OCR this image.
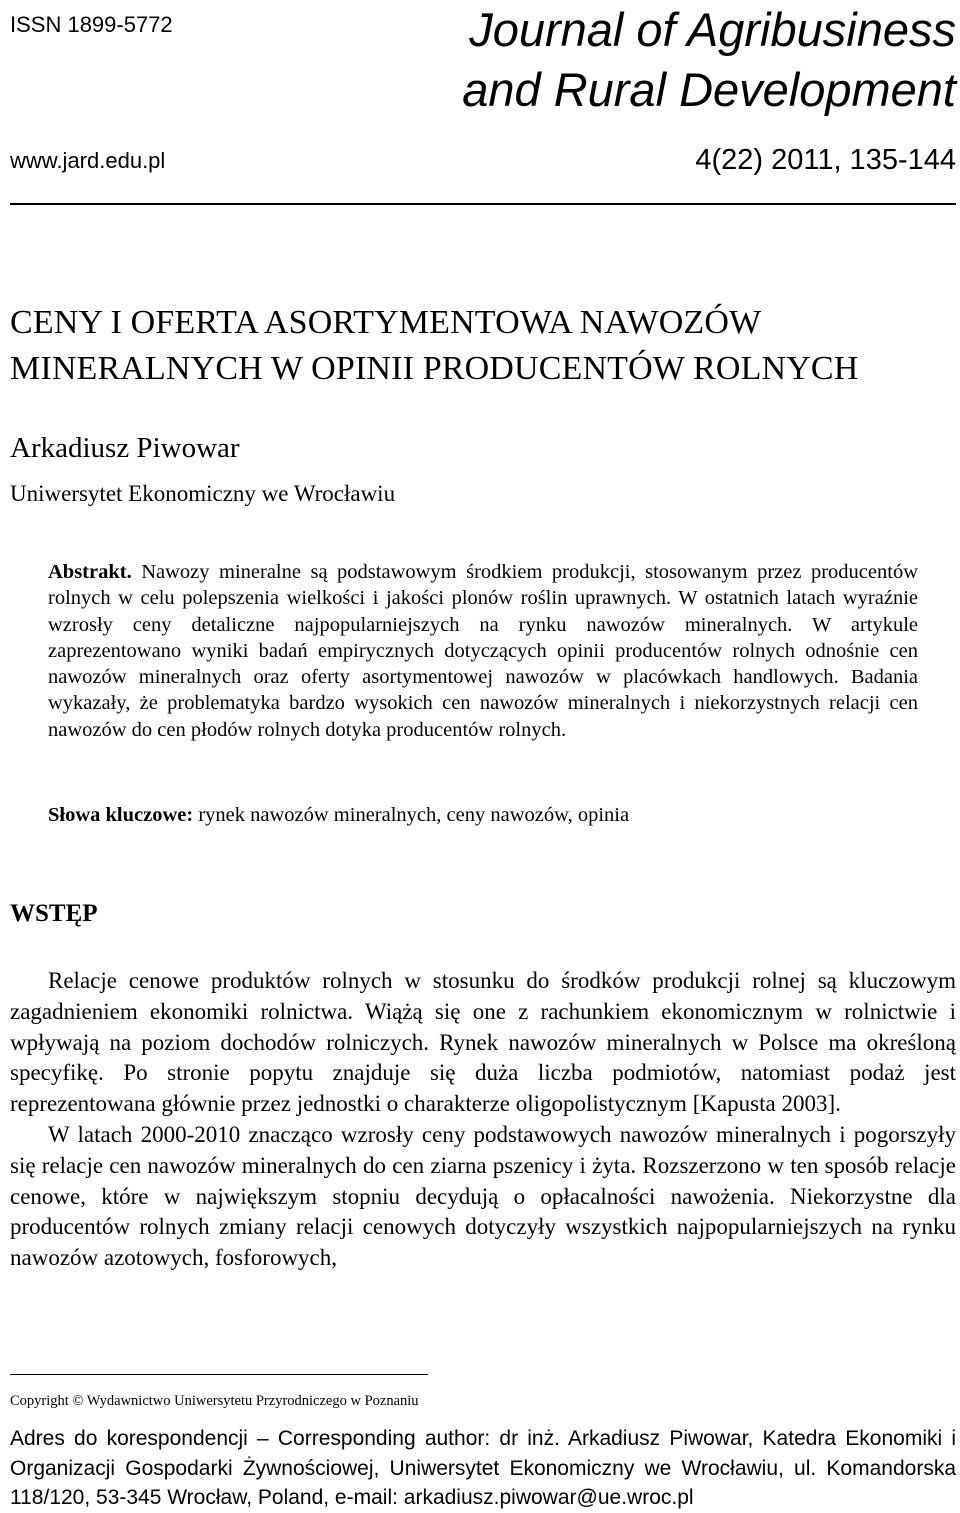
ISSN 1899-5772	Journal of Agribusiness
and Rural Development
www.jard.edu.pl	4(22) 2011, 135-144
CENY I OFERTA ASORTYMENTOWA NAWOZÓW
MINERALNYCH W OPINII PRODUCENTÓW ROLNYCH
Arkadiusz Piwowar
Uniwersytet Ekonomiczny we Wrocławiu
Abstrakt. Nawozy mineralne są podstawowym środkiem produkcji, stosowanym przez producentów rolnych w celu polepszenia wielkości i jakości plonów roślin uprawnych. W ostatnich latach wyraźnie wzrosły ceny detaliczne najpopularniejszych na rynku nawozów mineralnych. W artykule zaprezentowano wyniki badań empirycznych dotyczących opinii producentów rolnych odnośnie cen nawozów mineralnych oraz oferty asortymentowej nawozów w placówkach handlowych. Badania wykazały, że problematyka bardzo wysokich cen nawozów mineralnych i niekorzystnych relacji cen nawozów do cen płodów rolnych dotyka producentów rolnych.
Słowa kluczowe: rynek nawozów mineralnych, ceny nawozów, opinia
WSTĘP

Relacje cenowe produktów rolnych w stosunku do środków produkcji rolnej są kluczowym zagadnieniem ekonomiki rolnictwa. Wiążą się one z rachunkiem ekonomicznym w rolnictwie i wpływają na poziom dochodów rolniczych. Rynek nawozów mineralnych w Polsce ma określoną specyfikę. Po stronie popytu znajduje się duża liczba podmiotów, natomiast podaż jest reprezentowana głównie przez jednostki o charakterze oligopolistycznym [Kapusta 2003].

W latach 2000-2010 znacząco wzrosły ceny podstawowych nawozów mineralnych i pogorszyły się relacje cen nawozów mineralnych do cen ziarna pszenicy i żyta. Rozszerzono w ten sposób relacje cenowe, które w największym stopniu decydują o opłacalności nawożenia. Niekorzystne dla producentów rolnych zmiany relacji cenowych dotyczyły wszystkich najpopularniejszych na rynku nawozów azotowych, fosforowych,

Copyright © Wydawnictwo Uniwersytetu Przyrodniczego w Poznaniu
Adres do korespondencji – Corresponding author: dr inż. Arkadiusz Piwowar, Katedra Ekonomiki i Organizacji Gospodarki Żywnościowej, Uniwersytet Ekonomiczny we Wrocławiu, ul. Komandorska 118/120, 53-345 Wrocław, Poland, e-mail: arkadiusz.piwowar@ue.wroc.pl
